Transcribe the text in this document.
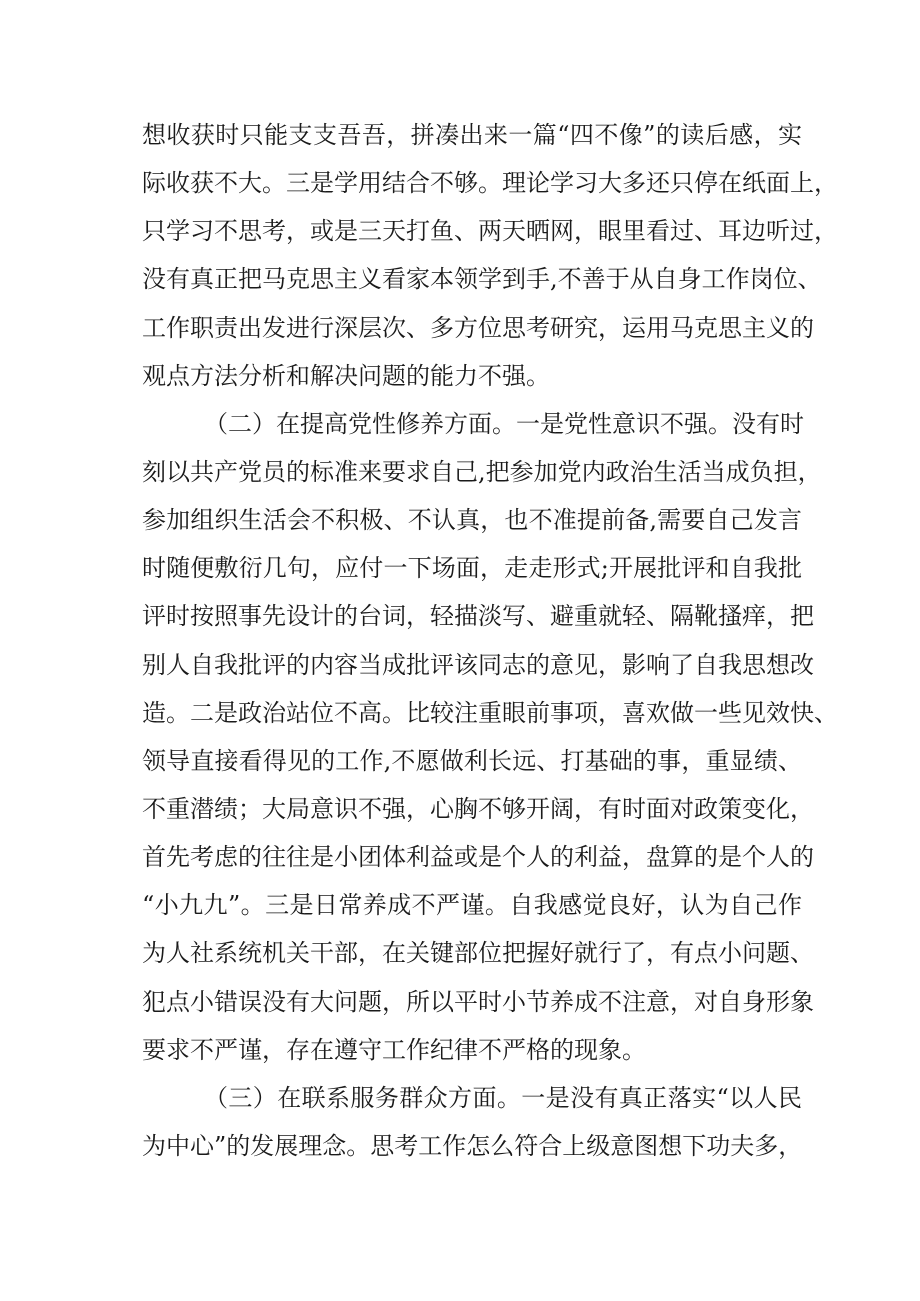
想收获时只能支支吾吾，拼凑出来一篇“四不像”的读后感，实
际收获不大。三是学用结合不够。理论学习大多还只停在纸面上，
只学习不思考，或是三天打鱼、两天晒网，眼里看过、耳边听过，
没有真正把马克思主义看家本领学到手,不善于从自身工作岗位、
工作职责出发进行深层次、多方位思考研究，运用马克思主义的
观点方法分析和解决问题的能力不强。
（二）在提高党性修养方面。一是党性意识不强。没有时
刻以共产党员的标准来要求自己,把参加党内政治生活当成负担，
参加组织生活会不积极、不认真，也不准提前备,需要自己发言
时随便敷衍几句，应付一下场面，走走形式;开展批评和自我批
评时按照事先设计的台词，轻描淡写、避重就轻、隔靴搔痒，把
别人自我批评的内容当成批评该同志的意见，影响了自我思想改
造。二是政治站位不高。比较注重眼前事项，喜欢做一些见效快、
领导直接看得见的工作,不愿做利长远、打基础的事，重显绩、
不重潜绩；大局意识不强，心胸不够开阔，有时面对政策变化，
首先考虑的往往是小团体利益或是个人的利益，盘算的是个人的
“小九九”。三是日常养成不严谨。自我感觉良好，认为自己作
为人社系统机关干部，在关键部位把握好就行了，有点小问题、
犯点小错误没有大问题，所以平时小节养成不注意，对自身形象
要求不严谨，存在遵守工作纪律不严格的现象。
（三）在联系服务群众方面。一是没有真正落实“以人民
为中心”的发展理念。思考工作怎么符合上级意图想下功夫多，
